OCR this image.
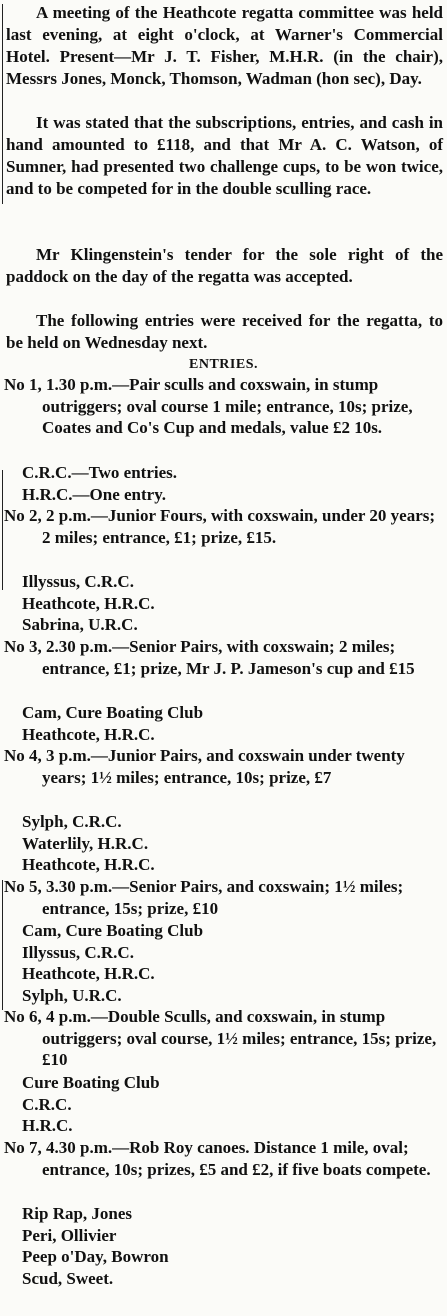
A meeting of the Heathcote regatta committee was held last evening, at eight o'clock, at Warner's Commercial Hotel. Present—Mr J. T. Fisher, M.H.R. (in the chair), Messrs Jones, Monck, Thomson, Wadman (hon sec), Day.
It was stated that the subscriptions, entries, and cash in hand amounted to £118, and that Mr A. C. Watson, of Sumner, had presented two challenge cups, to be won twice, and to be competed for in the double sculling race.
Mr Klingenstein's tender for the sole right of the paddock on the day of the regatta was accepted.
The following entries were received for the regatta, to be held on Wednesday next.
ENTRIES.
No 1, 1.30 p.m.—Pair sculls and coxswain, in stump outriggers; oval course 1 mile; entrance, 10s; prize, Coates and Co's Cup and medals, value £2 10s.
C.R.C.—Two entries.
H.R.C.—One entry.
No 2, 2 p.m.—Junior Fours, with coxswain, under 20 years; 2 miles; entrance, £1; prize, £15.
Illyssus, C.R.C.
Heathcote, H.R.C.
Sabrina, U.R.C.
No 3, 2.30 p.m.—Senior Pairs, with coxswain; 2 miles; entrance, £1; prize, Mr J. P. Jameson's cup and £15
Cam, Cure Boating Club
Heathcote, H.R.C.
No 4, 3 p.m.—Junior Pairs, and coxswain under twenty years; 1½ miles; entrance, 10s; prize, £7
Sylph, C.R.C.
Waterlily, H.R.C.
Heathcote, H.R.C.
No 5, 3.30 p.m.—Senior Pairs, and coxswain; 1½ miles; entrance, 15s; prize, £10
Cam, Cure Boating Club
Illyssus, C.R.C.
Heathcote, H.R.C.
Sylph, U.R.C.
No 6, 4 p.m.—Double Sculls, and coxswain, in stump outriggers; oval course, 1½ miles; entrance, 15s; prize, £10
Cure Boating Club
C.R.C.
H.R.C.
No 7, 4.30 p.m.—Rob Roy canoes. Distance 1 mile, oval; entrance, 10s; prizes, £5 and £2, if five boats compete.
Rip Rap, Jones
Peri, Ollivier
Peep o'Day, Bowron
Scud, Sweet.
